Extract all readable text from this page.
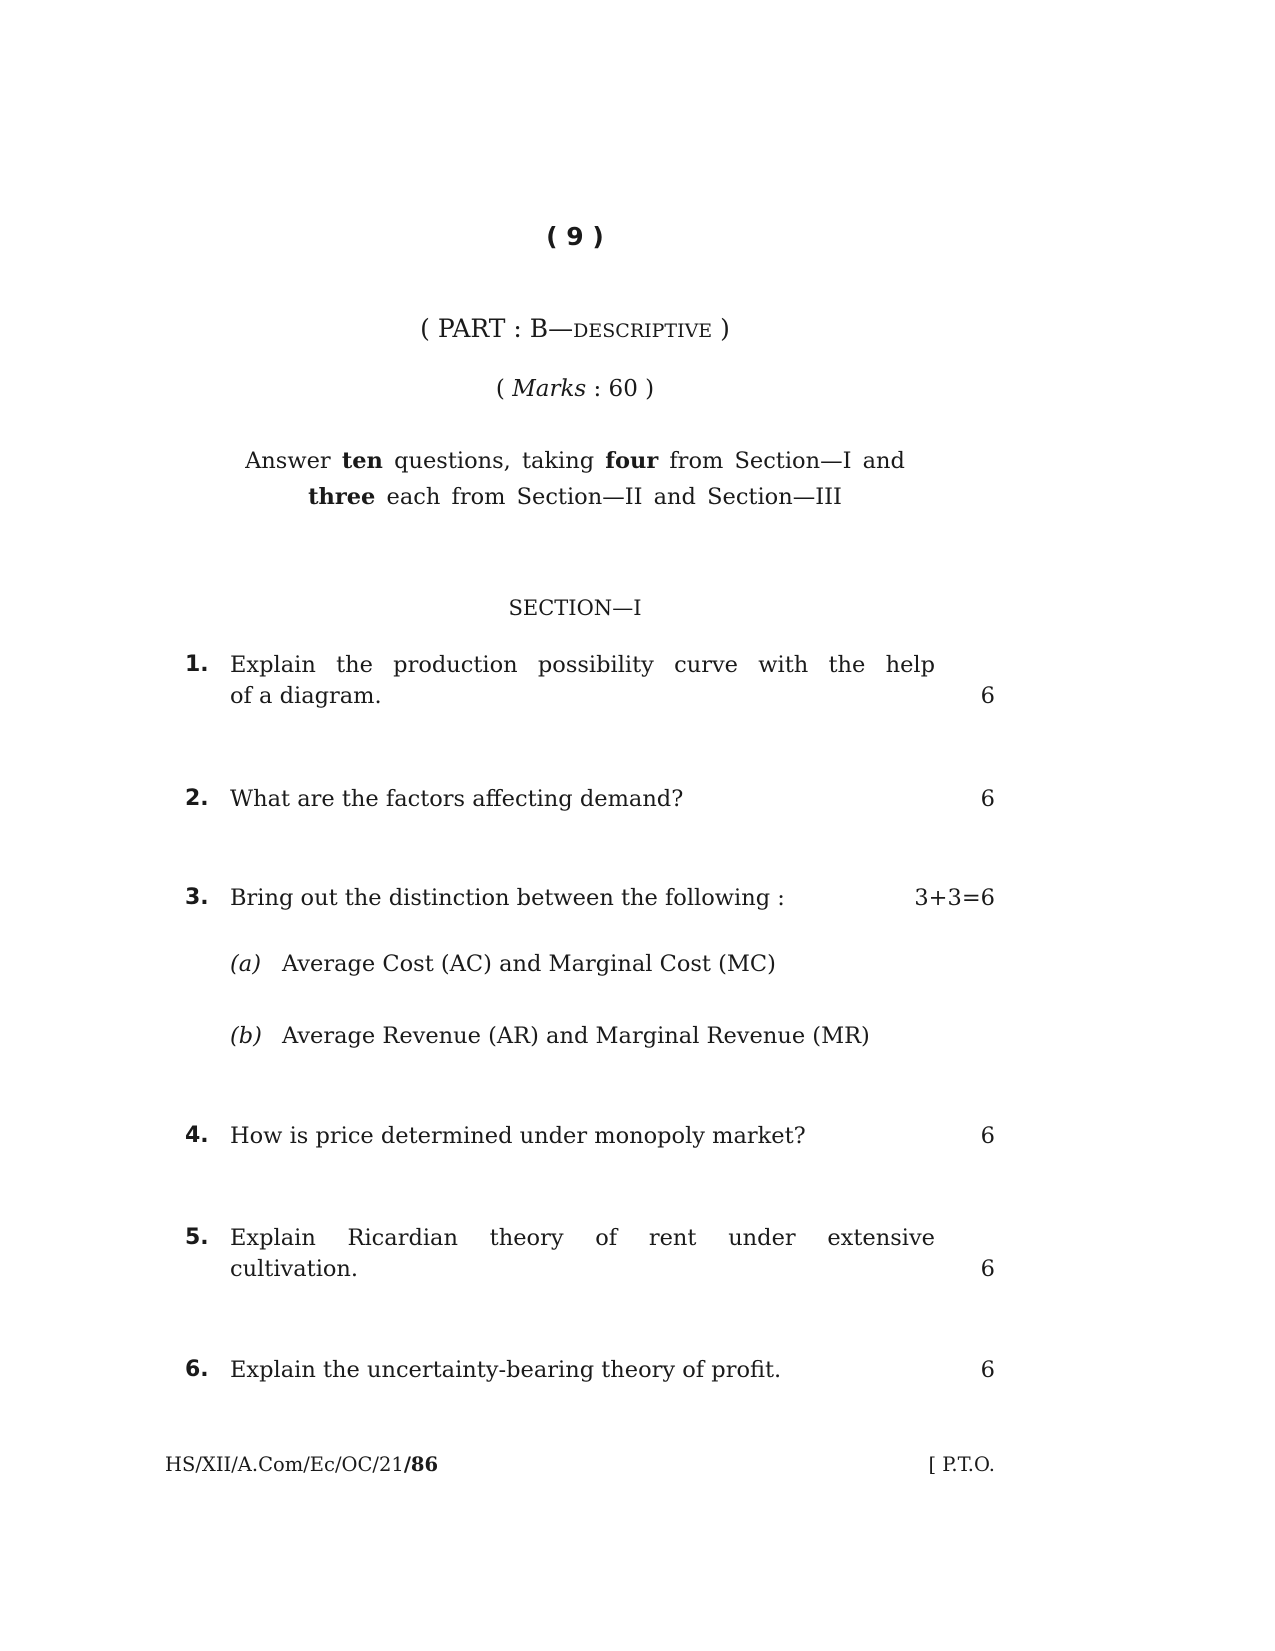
( 9 )
( PART : B—DESCRIPTIVE )
( Marks : 60 )
Answer ten questions, taking four from Section—I and
three each from Section—II and Section—III
SECTION—I
1. Explain the production possibility curve with the help
of a diagram.	6
2. What are the factors affecting demand?	6
3. Bring out the distinction between the following :	3+3=6
(a) Average Cost (AC) and Marginal Cost (MC)
(b) Average Revenue (AR) and Marginal Revenue (MR)
4. How is price determined under monopoly market?	6
5. Explain Ricardian theory of rent under extensive
cultivation.	6
6. Explain the uncertainty-bearing theory of profit.	6
HS/XII/A.Com/Ec/OC/21/86	[ P.T.O.
